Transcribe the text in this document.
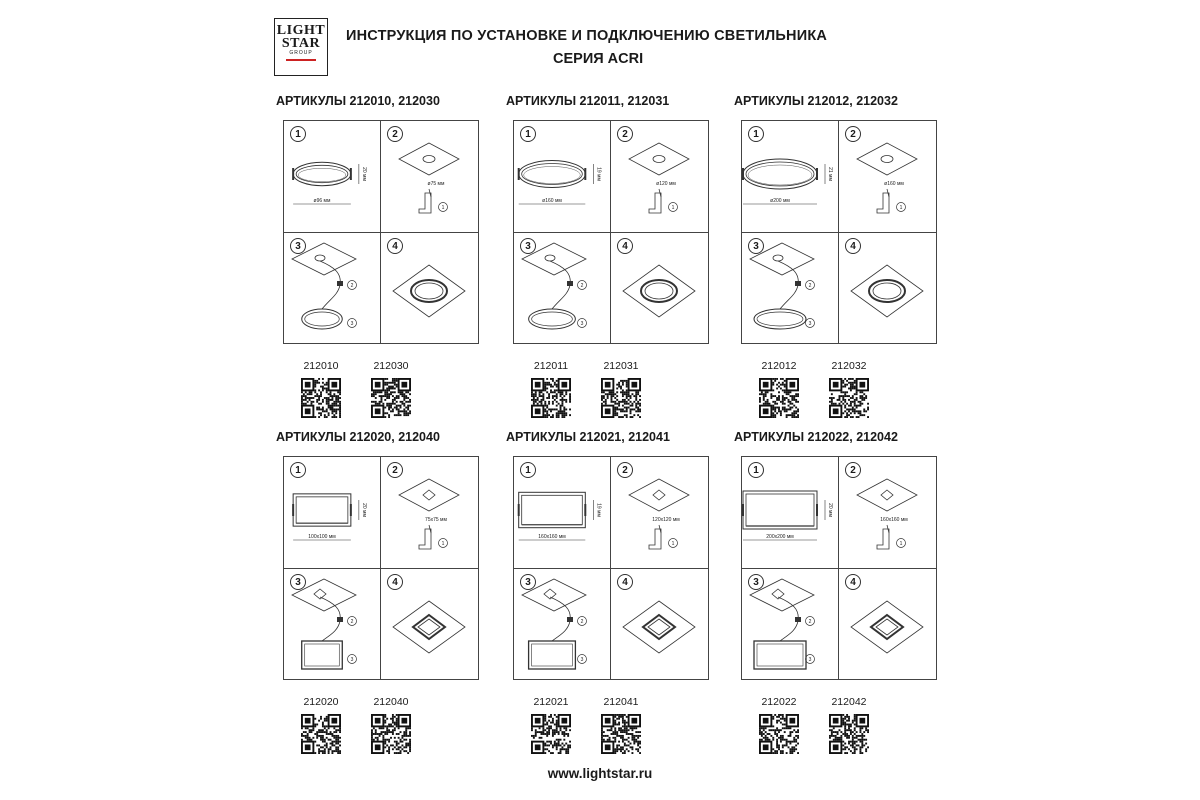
LIGHT
STAR
GROUP
ИНСТРУКЦИЯ ПО УСТАНОВКЕ И ПОДКЛЮЧЕНИЮ СВЕТИЛЬНИКА
СЕРИЯ ACRI
АРТИКУЛЫ 212010, 212030
ø96 мм
20 мм
1
ø75 мм
1
2
2
3
3	4
212010	212030
АРТИКУЛЫ 212011, 212031
ø160 мм
19 мм
1
ø120 мм
1
2
2
3
3	4
212011	212031
АРТИКУЛЫ 212012, 212032
ø200 мм
21 мм
1
ø160 мм
1
2
2
3
3	4
212012	212032
АРТИКУЛЫ 212020, 212040
100x100 мм
20 мм
1
75x75 мм
1
2
2
3
3	4
212020	212040
АРТИКУЛЫ 212021, 212041
160x160 мм
19 мм
1
120x120 мм
1
2
2
3
3	4
212021	212041
АРТИКУЛЫ 212022, 212042
200x200 мм
20 мм
1
160x160 мм
1
2
2
3
3	4
212022	212042
www.lightstar.ru
